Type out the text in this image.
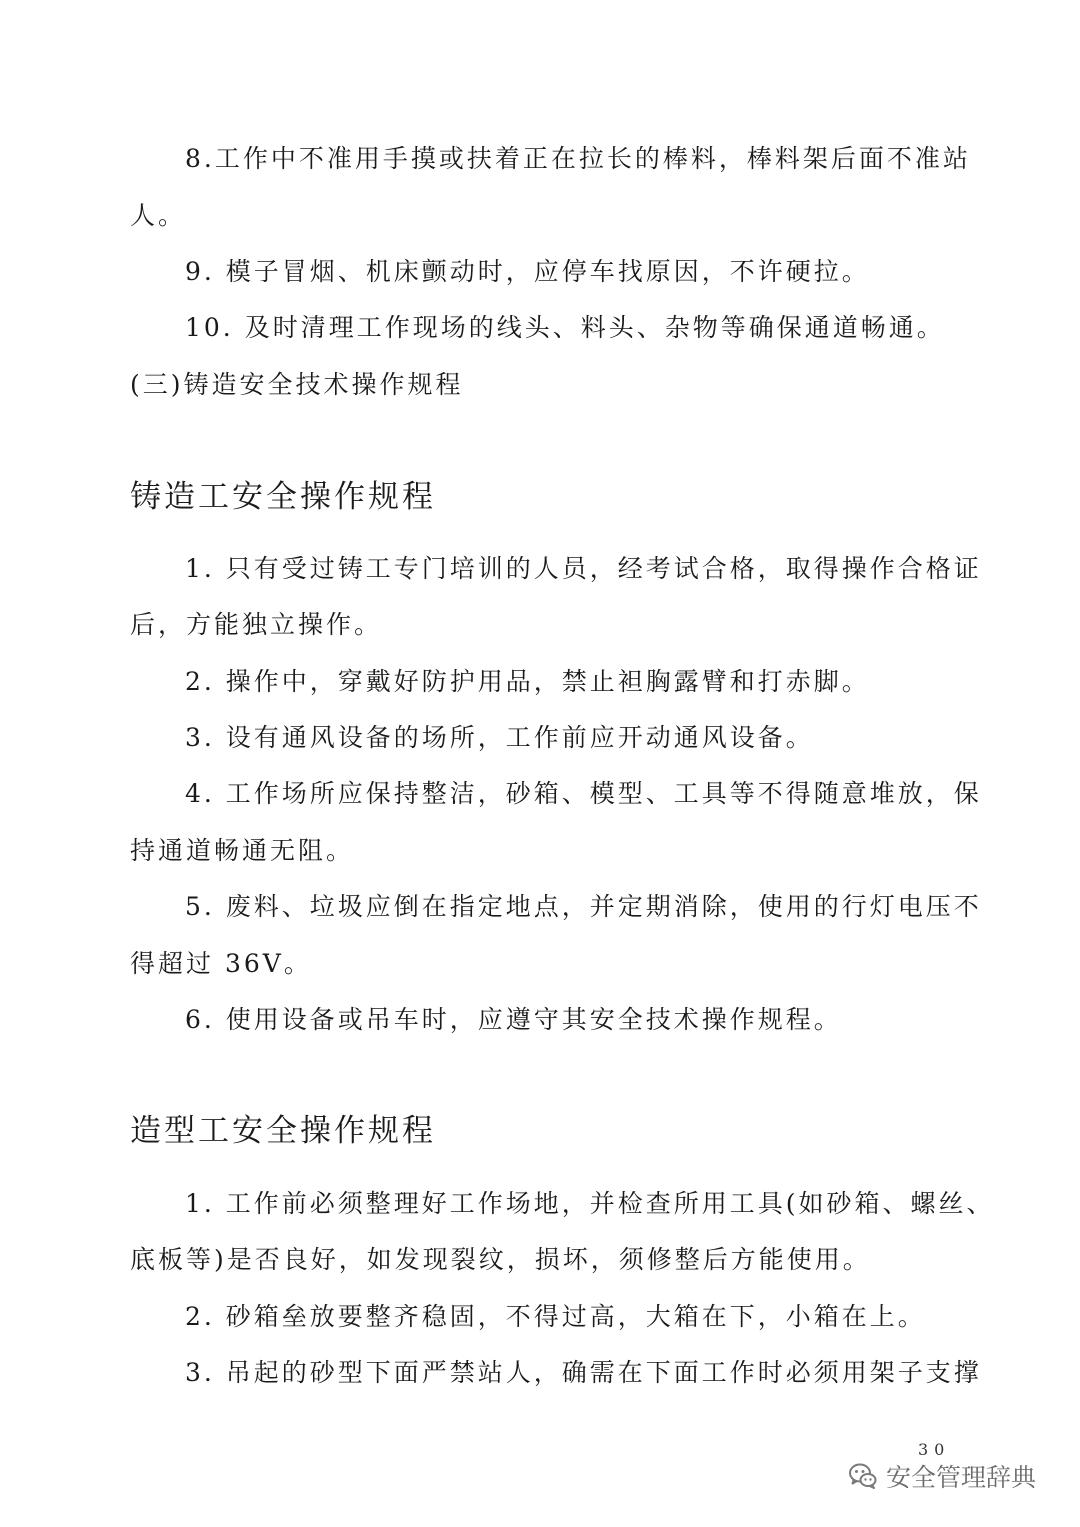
8.工作中不准用手摸或扶着正在拉长的棒料，棒料架后面不准站
人。
9. 模子冒烟、机床颤动时，应停车找原因，不许硬拉。
10. 及时清理工作现场的线头、料头、杂物等确保通道畅通。
(三)铸造安全技术操作规程
铸造工安全操作规程
1. 只有受过铸工专门培训的人员，经考试合格，取得操作合格证
后，方能独立操作。
2. 操作中，穿戴好防护用品，禁止袒胸露臂和打赤脚。
3. 设有通风设备的场所，工作前应开动通风设备。
4. 工作场所应保持整洁，砂箱、模型、工具等不得随意堆放，保
持通道畅通无阻。
5. 废料、垃圾应倒在指定地点，并定期消除，使用的行灯电压不
得超过 36V。
6. 使用设备或吊车时，应遵守其安全技术操作规程。
造型工安全操作规程
1. 工作前必须整理好工作场地，并检查所用工具(如砂箱、螺丝、
底板等)是否良好，如发现裂纹，损坏，须修整后方能使用。
2. 砂箱垒放要整齐稳固，不得过高，大箱在下，小箱在上。
3. 吊起的砂型下面严禁站人，确需在下面工作时必须用架子支撑
30
安全管理辞典
